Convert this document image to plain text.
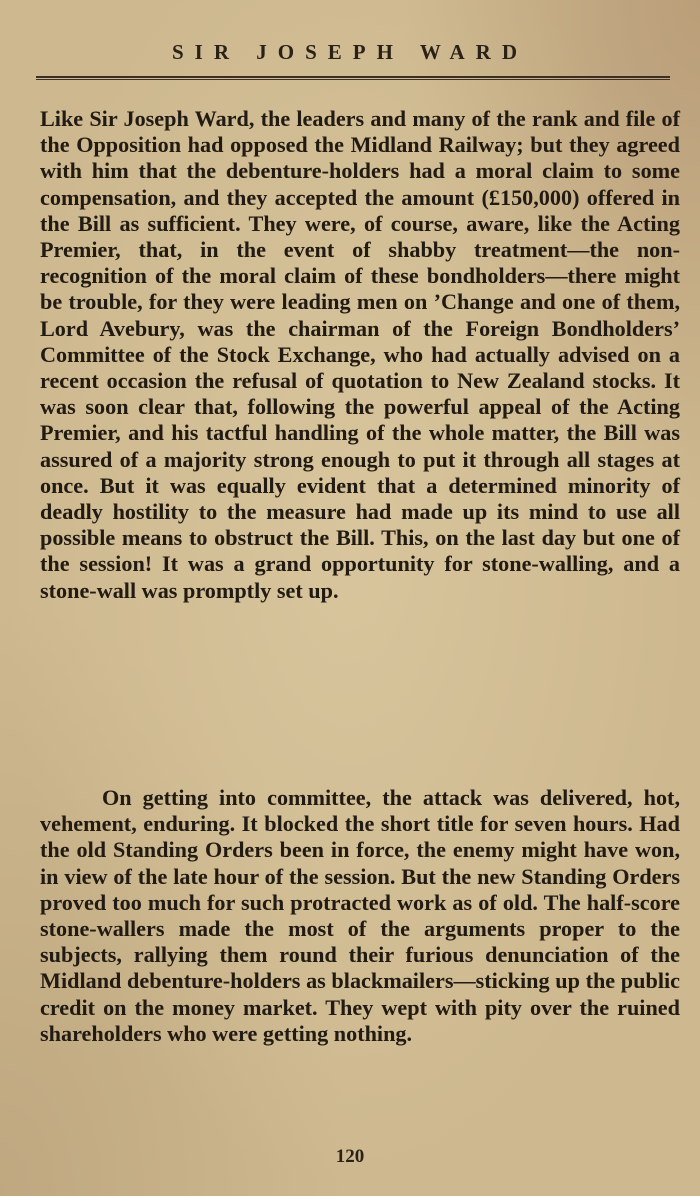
SIR JOSEPH WARD

Like Sir Joseph Ward, the leaders and many of the rank and file of the Opposition had opposed the Midland Railway; but they agreed with him that the debenture-holders had a moral claim to some compensation, and they accepted the amount (£150,000) offered in the Bill as sufficient. They were, of course, aware, like the Acting Premier, that, in the event of shabby treatment—the non-recognition of the moral claim of these bondholders—there might be trouble, for they were leading men on ’Change and one of them, Lord Avebury, was the chairman of the Foreign Bondholders’ Committee of the Stock Exchange, who had actually advised on a recent occasion the refusal of quotation to New Zealand stocks. It was soon clear that, following the powerful appeal of the Acting Premier, and his tactful handling of the whole matter, the Bill was assured of a majority strong enough to put it through all stages at once. But it was equally evident that a determined minority of deadly hostility to the measure had made up its mind to use all possible means to obstruct the Bill. This, on the last day but one of the session! It was a grand opportunity for stone-walling, and a stone-wall was promptly set up.

On getting into committee, the attack was delivered, hot, vehement, enduring. It blocked the short title for seven hours. Had the old Standing Orders been in force, the enemy might have won, in view of the late hour of the session. But the new Standing Orders proved too much for such protracted work as of old. The half-score stone-wallers made the most of the arguments proper to the subjects, rallying them round their furious denunciation of the Midland debenture-holders as blackmailers—sticking up the public credit on the money market. They wept with pity over the ruined shareholders who were getting nothing.

120
